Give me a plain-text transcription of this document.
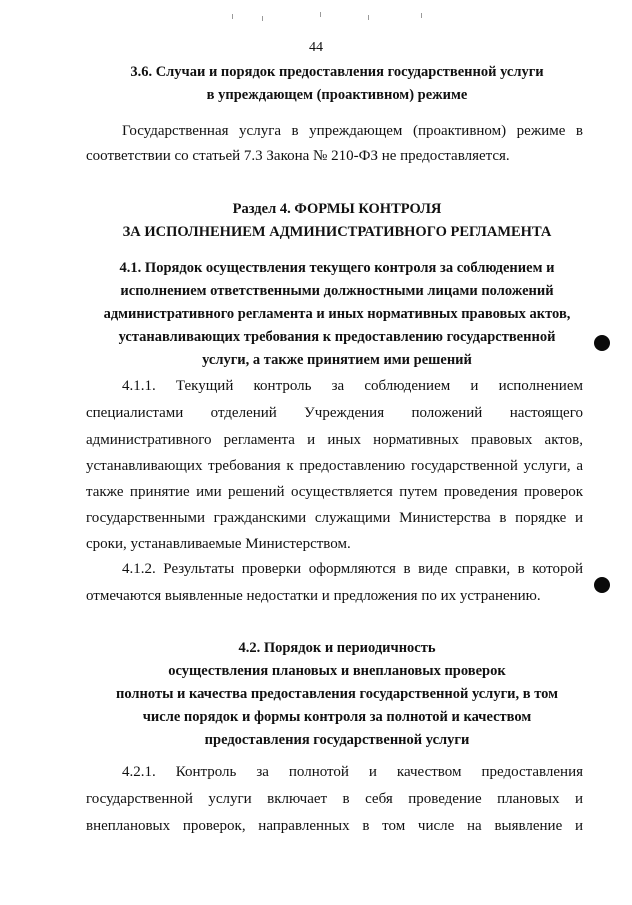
44
3.6. Случаи и порядок предоставления государственной услуги
в упреждающем (проактивном) режиме
Государственная услуга в упреждающем (проактивном) режиме в
соответствии со статьей 7.3 Закона № 210-ФЗ не предоставляется.
Раздел 4. ФОРМЫ КОНТРОЛЯ
ЗА ИСПОЛНЕНИЕМ АДМИНИСТРАТИВНОГО РЕГЛАМЕНТА
4.1. Порядок осуществления текущего контроля за соблюдением и
исполнением ответственными должностными лицами положений
административного регламента и иных нормативных правовых актов,
устанавливающих требования к предоставлению государственной
услуги, а также принятием ими решений
4.1.1. Текущий контроль за соблюдением и исполнением
специалистами отделений Учреждения положений настоящего
административного регламента и иных нормативных правовых актов,
устанавливающих требования к предоставлению государственной услуги, а
также принятие ими решений осуществляется путем проведения проверок
государственными гражданскими служащими Министерства в порядке и
сроки, устанавливаемые Министерством.
4.1.2. Результаты проверки оформляются в виде справки, в которой
отмечаются выявленные недостатки и предложения по их устранению.
4.2. Порядок и периодичность
осуществления плановых и внеплановых проверок
полноты и качества предоставления государственной услуги, в том
числе порядок и формы контроля за полнотой и качеством
предоставления государственной услуги
4.2.1. Контроль за полнотой и качеством предоставления
государственной услуги включает в себя проведение плановых и
внеплановых проверок, направленных в том числе на выявление и
